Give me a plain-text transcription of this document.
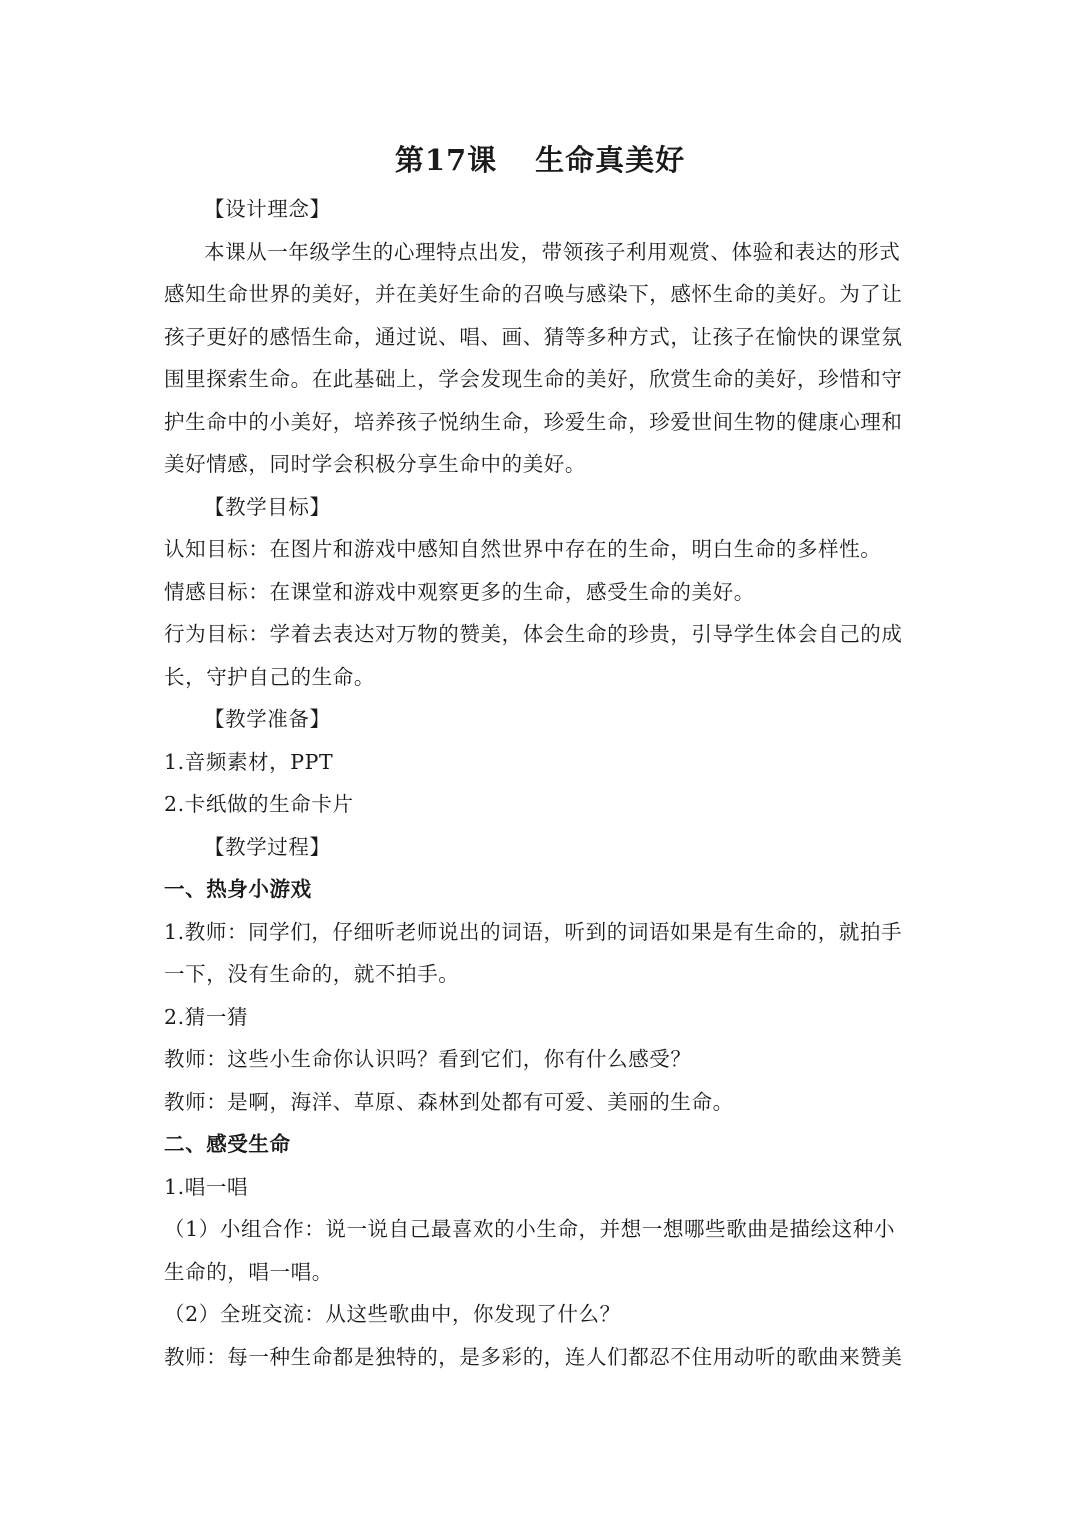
第17课 生命真美好
【设计理念】
本课从一年级学生的心理特点出发，带领孩子利用观赏、体验和表达的形式
感知生命世界的美好，并在美好生命的召唤与感染下，感怀生命的美好。为了让
孩子更好的感悟生命，通过说、唱、画、猜等多种方式，让孩子在愉快的课堂氛
围里探索生命。在此基础上，学会发现生命的美好，欣赏生命的美好，珍惜和守
护生命中的小美好，培养孩子悦纳生命，珍爱生命，珍爱世间生物的健康心理和
美好情感，同时学会积极分享生命中的美好。
【教学目标】
认知目标：在图片和游戏中感知自然世界中存在的生命，明白生命的多样性。
情感目标：在课堂和游戏中观察更多的生命，感受生命的美好。
行为目标：学着去表达对万物的赞美，体会生命的珍贵，引导学生体会自己的成
长，守护自己的生命。
【教学准备】
1.音频素材，PPT
2.卡纸做的生命卡片
【教学过程】
一、热身小游戏
1.教师：同学们，仔细听老师说出的词语，听到的词语如果是有生命的，就拍手
一下，没有生命的，就不拍手。
2.猜一猜
教师：这些小生命你认识吗？看到它们，你有什么感受？
教师：是啊，海洋、草原、森林到处都有可爱、美丽的生命。
二、感受生命
1.唱一唱
（1）小组合作：说一说自己最喜欢的小生命，并想一想哪些歌曲是描绘这种小
生命的，唱一唱。
（2）全班交流：从这些歌曲中，你发现了什么？
教师：每一种生命都是独特的，是多彩的，连人们都忍不住用动听的歌曲来赞美
